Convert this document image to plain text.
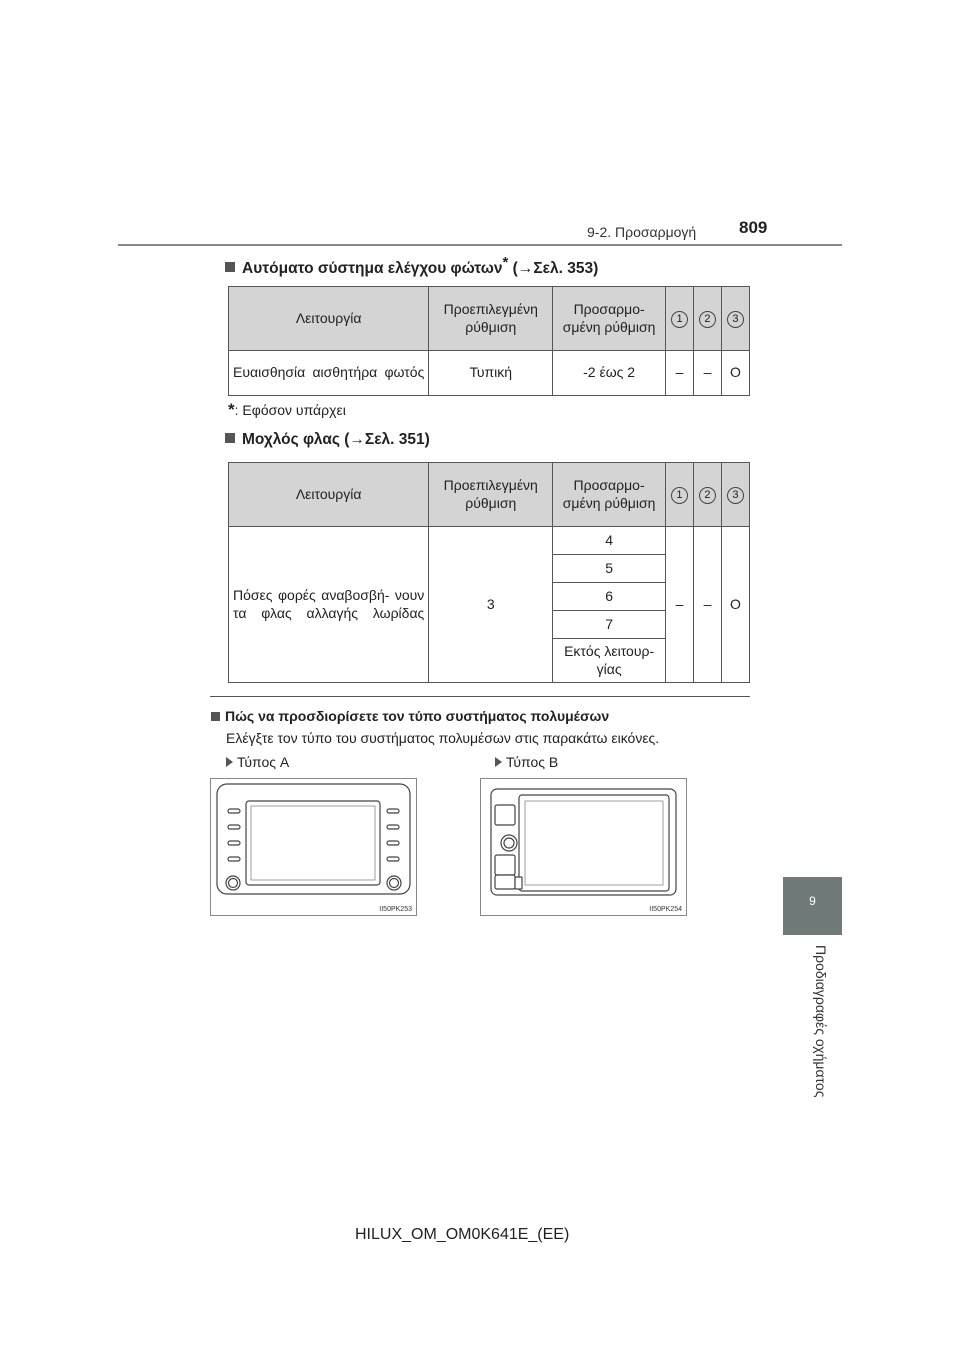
9-2. Προσαρμογή	809
9
Προδιαγραφές οχήματος
Αυτόματο σύστημα ελέγχου φώτων* (→Σελ. 353)
Λειτουργία	Προεπιλεγμένη ρύθμιση	Προσαρμο- σμένη ρύθμιση	1	2	3
Ευαισθησία αισθητήρα φωτός	Τυπική	-2 έως 2	–	–	O
*: Εφόσον υπάρχει
Μοχλός φλας (→Σελ. 351)
Λειτουργία	Προεπιλεγμένη ρύθμιση	Προσαρμο- σμένη ρύθμιση	1	2	3
Πόσες φορές αναβοσβή- νουν τα φλας αλλαγής λωρίδας	3	4	–	–	O
		5			
		6			
		7			
		Εκτός λειτουρ- γίας			
Πώς να προσδιορίσετε τον τύπο συστήματος πολυμέσων
Ελέγξτε τον τύπο του συστήματος πολυμέσων στις παρακάτω εικόνες.
Τύπος A	Τύπος B
II50PK253	II50PK254
HILUX_OM_OM0K641E_(EE)
